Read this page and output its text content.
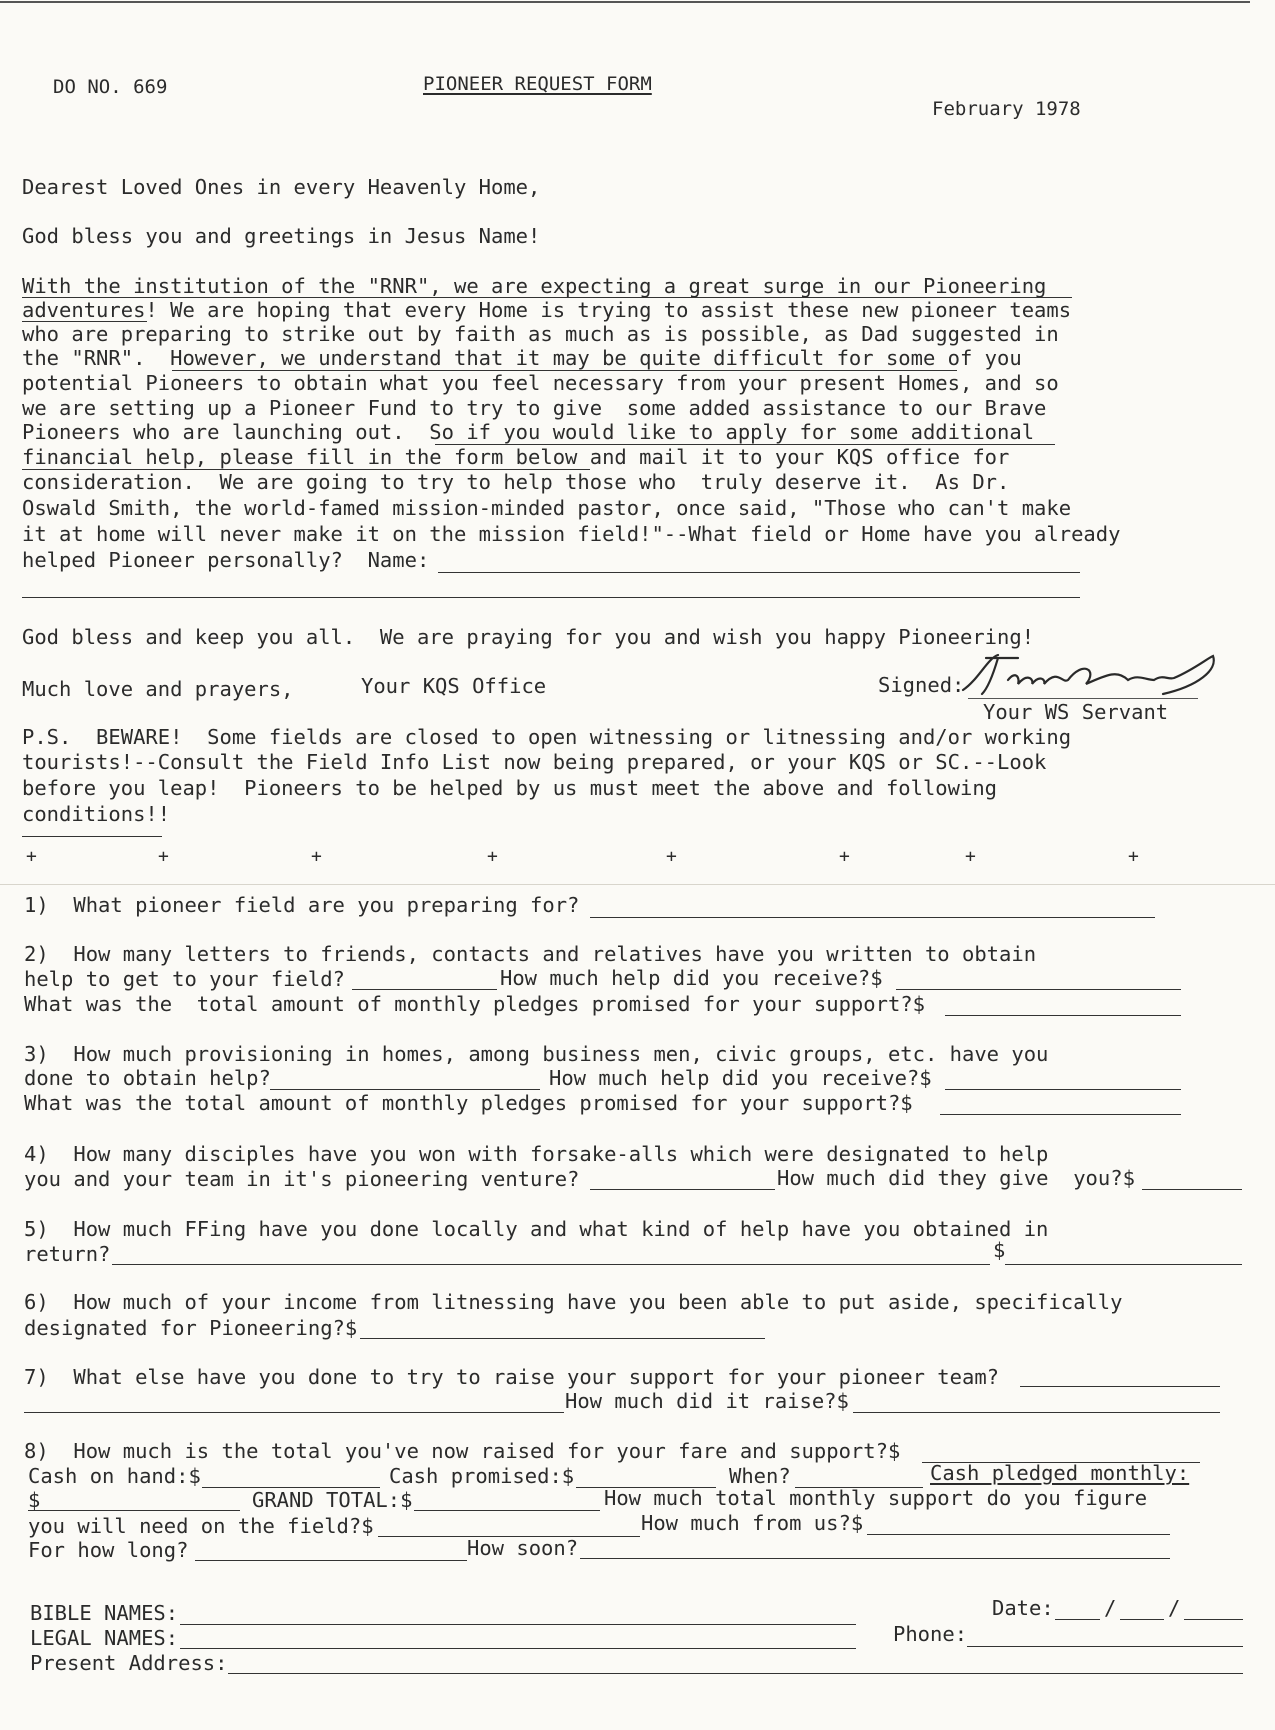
DO NO. 669	PIONEER REQUEST FORM
February 1978
Dearest Loved Ones in every Heavenly Home,
God bless you and greetings in Jesus Name!
With the institution of the "RNR", we are expecting a great surge in our Pioneering
adventures! We are hoping that every Home is trying to assist these new pioneer teams
who are preparing to strike out by faith as much as is possible, as Dad suggested in
the "RNR".  However, we understand that it may be quite difficult for some of you
potential Pioneers to obtain what you feel necessary from your present Homes, and so
we are setting up a Pioneer Fund to try to give  some added assistance to our Brave
Pioneers who are launching out.  So if you would like to apply for some additional
financial help, please fill in the form below and mail it to your KQS office for
consideration.  We are going to try to help those who  truly deserve it.  As Dr.
Oswald Smith, the world-famed mission-minded pastor, once said, "Those who can't make
it at home will never make it on the mission field!"--What field or Home have you already
helped Pioneer personally?  Name:
God bless and keep you all.  We are praying for you and wish you happy Pioneering!
Much love and prayers,	Your KQS Office	Signed:
Your WS Servant
P.S.  BEWARE!  Some fields are closed to open witnessing or litnessing and/or working
tourists!--Consult the Field Info List now being prepared, or your KQS or SC.--Look
before you leap!  Pioneers to be helped by us must meet the above and following
conditions!!
+	+	+	+	+	+	+	+
1)  What pioneer field are you preparing for?
2)  How many letters to friends, contacts and relatives have you written to obtain
help to get to your field?	How much help did you receive?$
What was the  total amount of monthly pledges promised for your support?$
3)  How much provisioning in homes, among business men, civic groups, etc. have you
done to obtain help?	How much help did you receive?$
What was the total amount of monthly pledges promised for your support?$
4)  How many disciples have you won with forsake-alls which were designated to help
you and your team in it's pioneering venture?	How much did they give  you?$
5)  How much FFing have you done locally and what kind of help have you obtained in
return?	$
6)  How much of your income from litnessing have you been able to put aside, specifically
designated for Pioneering?$
7)  What else have you done to try to raise your support for your pioneer team?
How much did it raise?$
8)  How much is the total you've now raised for your fare and support?$
Cash on hand:$	Cash promised:$	When?	Cash pledged monthly:
$	GRAND TOTAL:$	How much total monthly support do you figure
you will need on the field?$	How much from us?$
For how long?	How soon?
BIBLE NAMES:
LEGAL NAMES:
Present Address:
Date: /	/
Phone:
